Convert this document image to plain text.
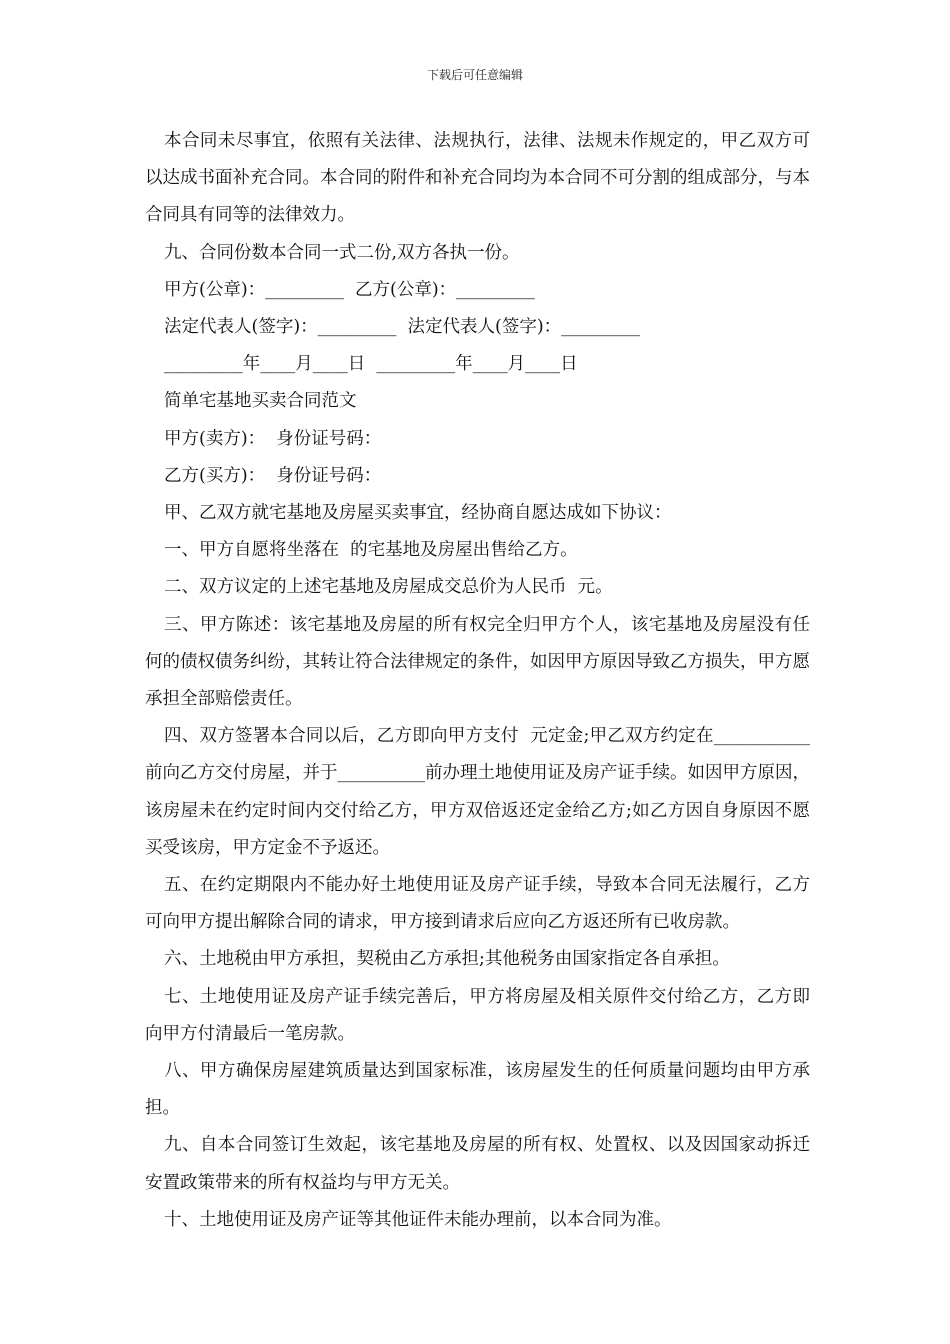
下载后可任意编辑

本合同未尽事宜，依照有关法律、法规执行，法律、法规未作规定的，甲乙双方可以达成书面补充合同。本合同的附件和补充合同均为本合同不可分割的组成部分，与本合同具有同等的法律效力。

九、合同份数本合同一式二份,双方各执一份。

甲方(公章)：_________  乙方(公章)：_________

法定代表人(签字)：_________  法定代表人(签字)：_________

_________年____月____日  _________年____月____日

简单宅基地买卖合同范文

甲方(卖方)：  身份证号码：

乙方(买方)：  身份证号码：

甲、乙双方就宅基地及房屋买卖事宜，经协商自愿达成如下协议：

一、甲方自愿将坐落在  的宅基地及房屋出售给乙方。

二、双方议定的上述宅基地及房屋成交总价为人民币  元。

三、甲方陈述：该宅基地及房屋的所有权完全归甲方个人，该宅基地及房屋没有任何的债权债务纠纷，其转让符合法律规定的条件，如因甲方原因导致乙方损失，甲方愿承担全部赔偿责任。

四、双方签署本合同以后，乙方即向甲方支付  元定金;甲乙双方约定在___________前向乙方交付房屋，并于__________前办理土地使用证及房产证手续。如因甲方原因，该房屋未在约定时间内交付给乙方，甲方双倍返还定金给乙方;如乙方因自身原因不愿买受该房，甲方定金不予返还。

五、在约定期限内不能办好土地使用证及房产证手续，导致本合同无法履行，乙方可向甲方提出解除合同的请求，甲方接到请求后应向乙方返还所有已收房款。

六、土地税由甲方承担，契税由乙方承担;其他税务由国家指定各自承担。

七、土地使用证及房产证手续完善后，甲方将房屋及相关原件交付给乙方，乙方即向甲方付清最后一笔房款。

八、甲方确保房屋建筑质量达到国家标准，该房屋发生的任何质量问题均由甲方承担。

九、自本合同签订生效起，该宅基地及房屋的所有权、处置权、以及因国家动拆迁安置政策带来的所有权益均与甲方无关。

十、土地使用证及房产证等其他证件未能办理前，以本合同为准。
